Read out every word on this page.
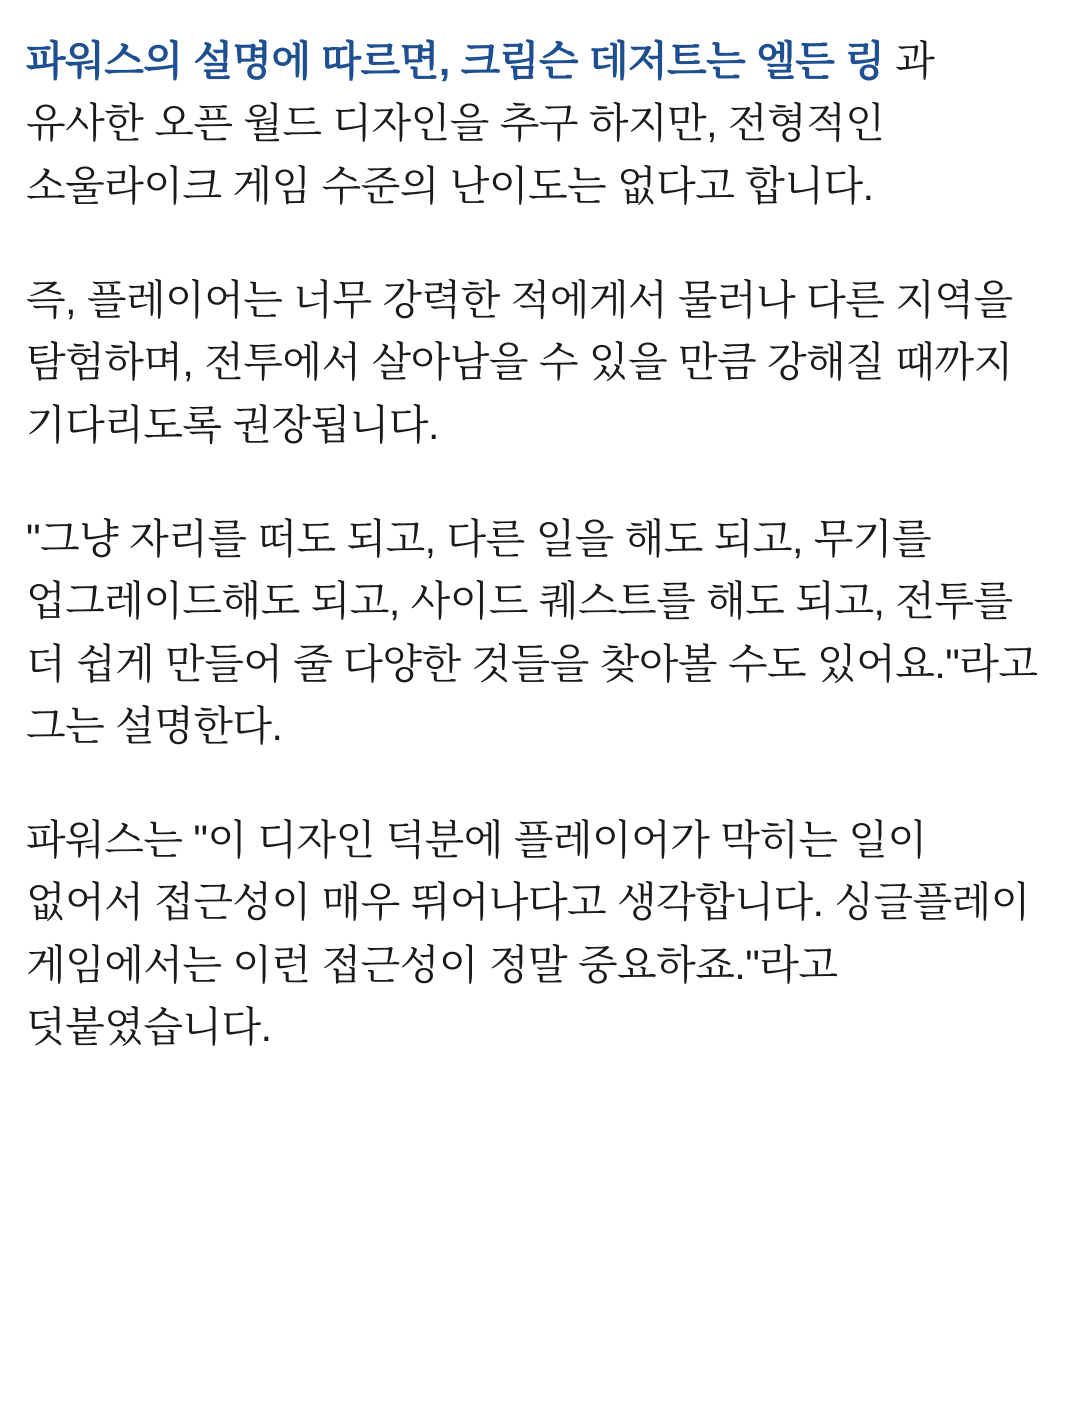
파워스의 설명에 따르면, 크림슨 데저트는 엘든 링 과 유사한 오픈 월드 디자인을 추구 하지만, 전형적인 소울라이크 게임 수준의 난이도는 없다고 합니다.

즉, 플레이어는 너무 강력한 적에게서 물러나 다른 지역을 탐험하며, 전투에서 살아남을 수 있을 만큼 강해질 때까지 기다리도록 권장됩니다.

"그냥 자리를 떠도 되고, 다른 일을 해도 되고, 무기를 업그레이드해도 되고, 사이드 퀘스트를 해도 되고, 전투를 더 쉽게 만들어 줄 다양한 것들을 찾아볼 수도 있어요."라고 그는 설명한다.

파워스는 "이 디자인 덕분에 플레이어가 막히는 일이 없어서 접근성이 매우 뛰어나다고 생각합니다. 싱글플레이 게임에서는 이런 접근성이 정말 중요하죠."라고 덧붙였습니다.
